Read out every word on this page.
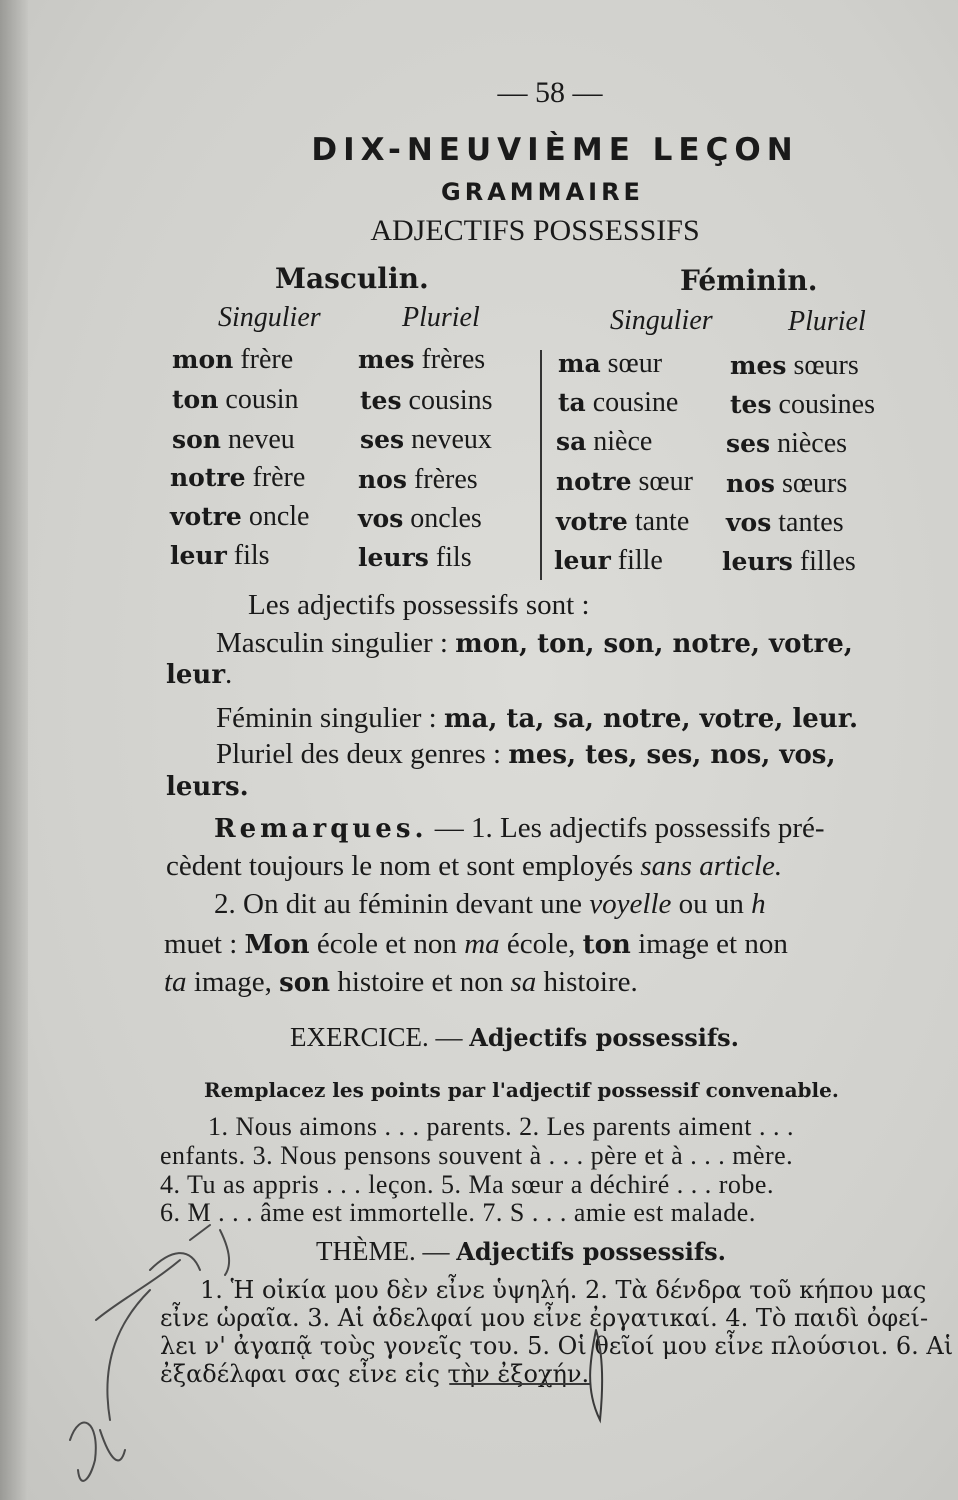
— 58 —
DIX-NEUVIÈME LEÇON
GRAMMAIRE
ADJECTIFS POSSESSIFS
Masculin.	Féminin.
Singulier	Pluriel	Singulier	Pluriel
mon frère	mes frères
ton cousin tes cousins
son neveu	ses neveux
notre frère nos frères
votre oncle vos oncles
leur fils	leurs fils
ma sœur	mes sœurs
ta cousine tes cousines
sa nièce	ses nièces
notre sœur nos sœurs
votre tante vos tantes
leur fille leurs filles
Les adjectifs possessifs sont :
Masculin singulier : mon, ton, son, notre, votre,
leur.
Féminin singulier : ma, ta, sa, notre, votre, leur.
Pluriel des deux genres : mes, tes, ses, nos, vos,
leurs.
Remarques. — 1. Les adjectifs possessifs pré-
cèdent toujours le nom et sont employés sans article.
2. On dit au féminin devant une voyelle ou un h
muet : Mon école et non ma école, ton image et non
ta image, son histoire et non sa histoire.
EXERCICE. — Adjectifs possessifs.
Remplacez les points par l'adjectif possessif convenable.
1. Nous aimons . . . parents. 2. Les parents aiment . . .
enfants. 3. Nous pensons souvent à . . . père et à . . . mère.
4. Tu as appris . . . leçon. 5. Ma sœur a déchiré . . . robe.
6. M . . . âme est immortelle. 7. S . . . amie est malade.
THÈME. — Adjectifs possessifs.
1. Ἡ οἰκία μου δὲν εἶνε ὑψηλή. 2. Τὰ δένδρα τοῦ κήπου μας
εἶνε ὡραῖα. 3. Αἱ ἀδελφαί μου εἶνε ἐργατικαί. 4. Τὸ παιδὶ ὀφεί-
λει ν' ἀγαπᾷ τοὺς γονεῖς του. 5. Οἱ θεῖοί μου εἶνε πλούσιοι. 6. Αἱ
ἐξαδέλφαι σας εἶνε εἰς τὴν ἐξοχήν.
